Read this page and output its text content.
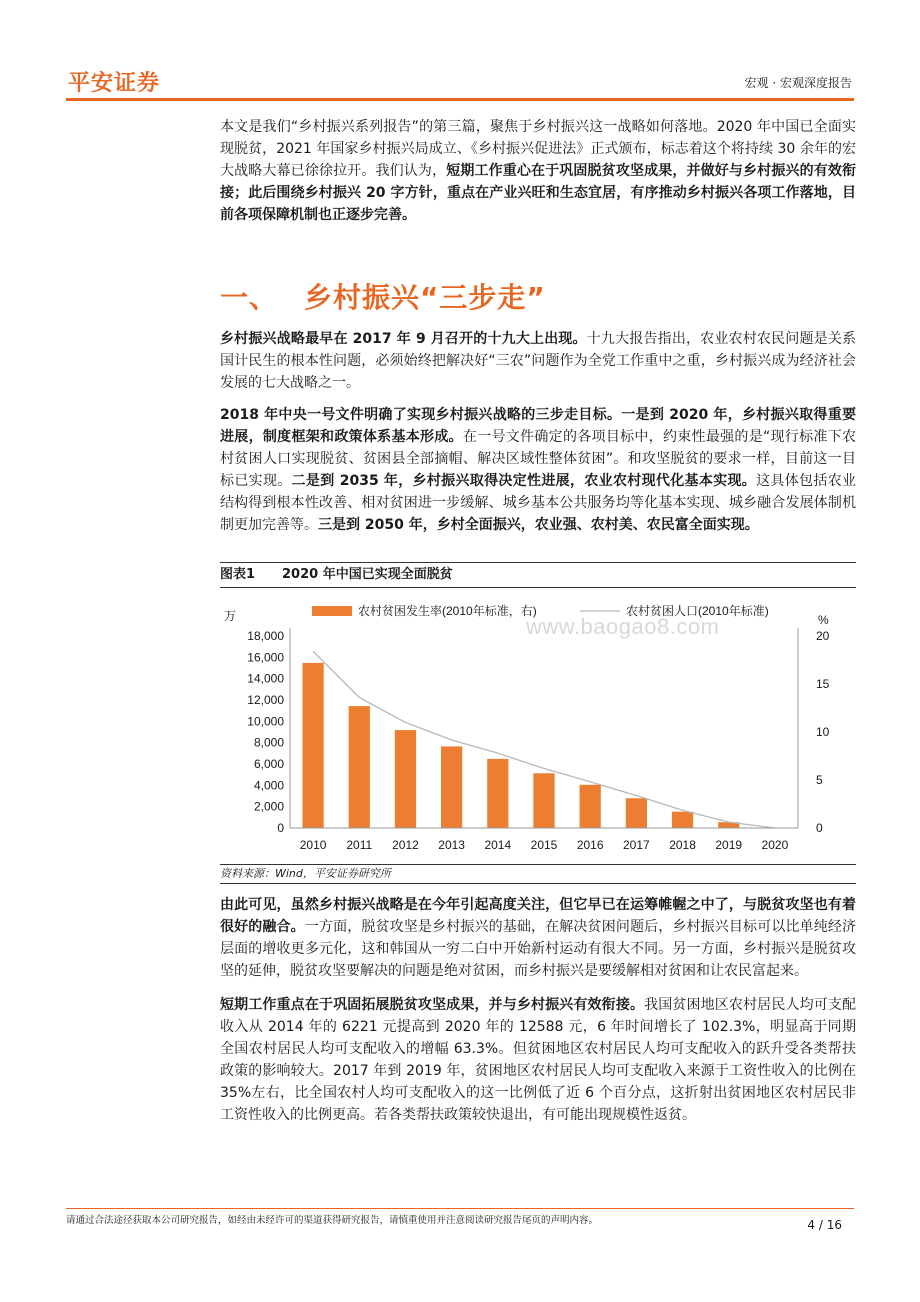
平安证券	宏观 · 宏观深度报告

本文是我们“乡村振兴系列报告”的第三篇，聚焦于乡村振兴这一战略如何落地。2020 年中国已全面实现脱贫，2021 年国家乡村振兴局成立、《乡村振兴促进法》正式颁布，标志着这个将持续 30 余年的宏大战略大幕已徐徐拉开。我们认为，短期工作重心在于巩固脱贫攻坚成果，并做好与乡村振兴的有效衔接；此后围绕乡村振兴 20 字方针，重点在产业兴旺和生态宜居，有序推动乡村振兴各项工作落地，目前各项保障机制也正逐步完善。

一、 乡村振兴“三步走”

乡村振兴战略最早在 2017 年 9 月召开的十九大上出现。十九大报告指出，农业农村农民问题是关系国计民生的根本性问题，必须始终把解决好“三农”问题作为全党工作重中之重，乡村振兴成为经济社会发展的七大战略之一。

2018 年中央一号文件明确了实现乡村振兴战略的三步走目标。一是到 2020 年，乡村振兴取得重要进展，制度框架和政策体系基本形成。在一号文件确定的各项目标中，约束性最强的是“现行标准下农村贫困人口实现脱贫、贫困县全部摘帽、解决区域性整体贫困”。和攻坚脱贫的要求一样，目前这一目标已实现。二是到 2035 年，乡村振兴取得决定性进展，农业农村现代化基本实现。这具体包括农业结构得到根本性改善、相对贫困进一步缓解、城乡基本公共服务均等化基本实现、城乡融合发展体制机制更加完善等。三是到 2050 年，乡村全面振兴，农业强、农村美、农民富全面实现。

图表1 2020 年中国已实现全面脱贫
0
2,000
4,000
6,000
8,000
10,000
12,000
14,000
16,000
18,000
0
5
10
15
20
2010 2011 2012 2013 2014 2015 2016 2017 2018 2019 2020
农村贫困发生率(2010年标准，右)	农村贫困人口(2010年标准)
万	%
www.baogao8.com
资料来源：Wind，平安证券研究所

由此可见，虽然乡村振兴战略是在今年引起高度关注，但它早已在运筹帷幄之中了，与脱贫攻坚也有着很好的融合。一方面，脱贫攻坚是乡村振兴的基础，在解决贫困问题后，乡村振兴目标可以比单纯经济层面的增收更多元化，这和韩国从一穷二白中开始新村运动有很大不同。另一方面，乡村振兴是脱贫攻坚的延伸，脱贫攻坚要解决的问题是绝对贫困，而乡村振兴是要缓解相对贫困和让农民富起来。

短期工作重点在于巩固拓展脱贫攻坚成果，并与乡村振兴有效衔接。我国贫困地区农村居民人均可支配收入从 2014 年的 6221 元提高到 2020 年的 12588 元，6 年时间增长了 102.3%，明显高于同期全国农村居民人均可支配收入的增幅 63.3%。但贫困地区农村居民人均可支配收入的跃升受各类帮扶政策的影响较大。2017 年到 2019 年，贫困地区农村居民人均可支配收入来源于工资性收入的比例在 35%左右，比全国农村人均可支配收入的这一比例低了近 6 个百分点，这折射出贫困地区农村居民非工资性收入的比例更高。若各类帮扶政策较快退出，有可能出现规模性返贫。

请通过合法途径获取本公司研究报告，如经由未经许可的渠道获得研究报告，请慎重使用并注意阅读研究报告尾页的声明内容。	4 / 16
